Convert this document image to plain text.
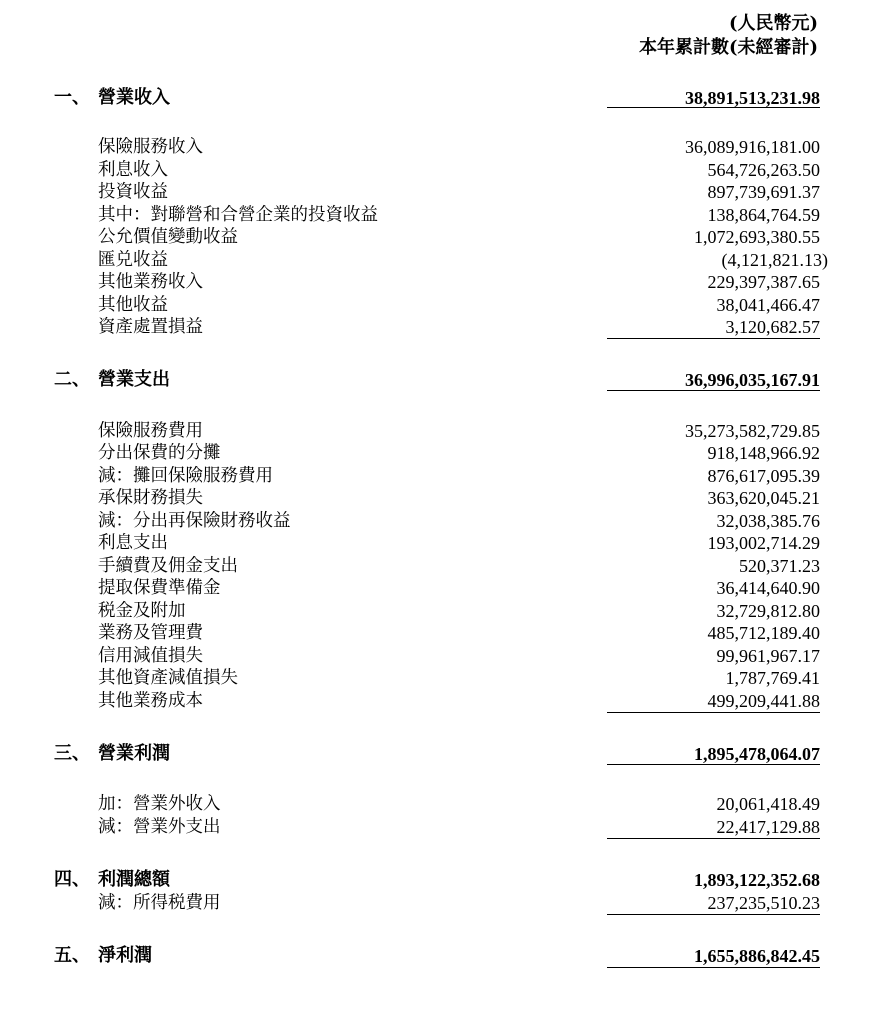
(人民幣元)
本年累計數(未經審計)
一、 營業收入	38,891,513,231.98
保險服務收入	36,089,916,181.00
利息收入	564,726,263.50
投資收益	897,739,691.37
其中：對聯營和合營企業的投資收益	138,864,764.59
公允價值變動收益	1,072,693,380.55
匯兑收益	(4,121,821.13)
其他業務收入	229,397,387.65
其他收益	38,041,466.47
資產處置損益	3,120,682.57
二、 營業支出	36,996,035,167.91
保險服務費用	35,273,582,729.85
分出保費的分攤	918,148,966.92
減：攤回保險服務費用	876,617,095.39
承保財務損失	363,620,045.21
減：分出再保險財務收益	32,038,385.76
利息支出	193,002,714.29
手續費及佣金支出	520,371.23
提取保費準備金	36,414,640.90
税金及附加	32,729,812.80
業務及管理費	485,712,189.40
信用減值損失	99,961,967.17
其他資產減值損失	1,787,769.41
其他業務成本	499,209,441.88
三、 營業利潤	1,895,478,064.07
加：營業外收入	20,061,418.49
減：營業外支出	22,417,129.88
四、 利潤總額	1,893,122,352.68
減：所得税費用	237,235,510.23
五、 淨利潤	1,655,886,842.45
